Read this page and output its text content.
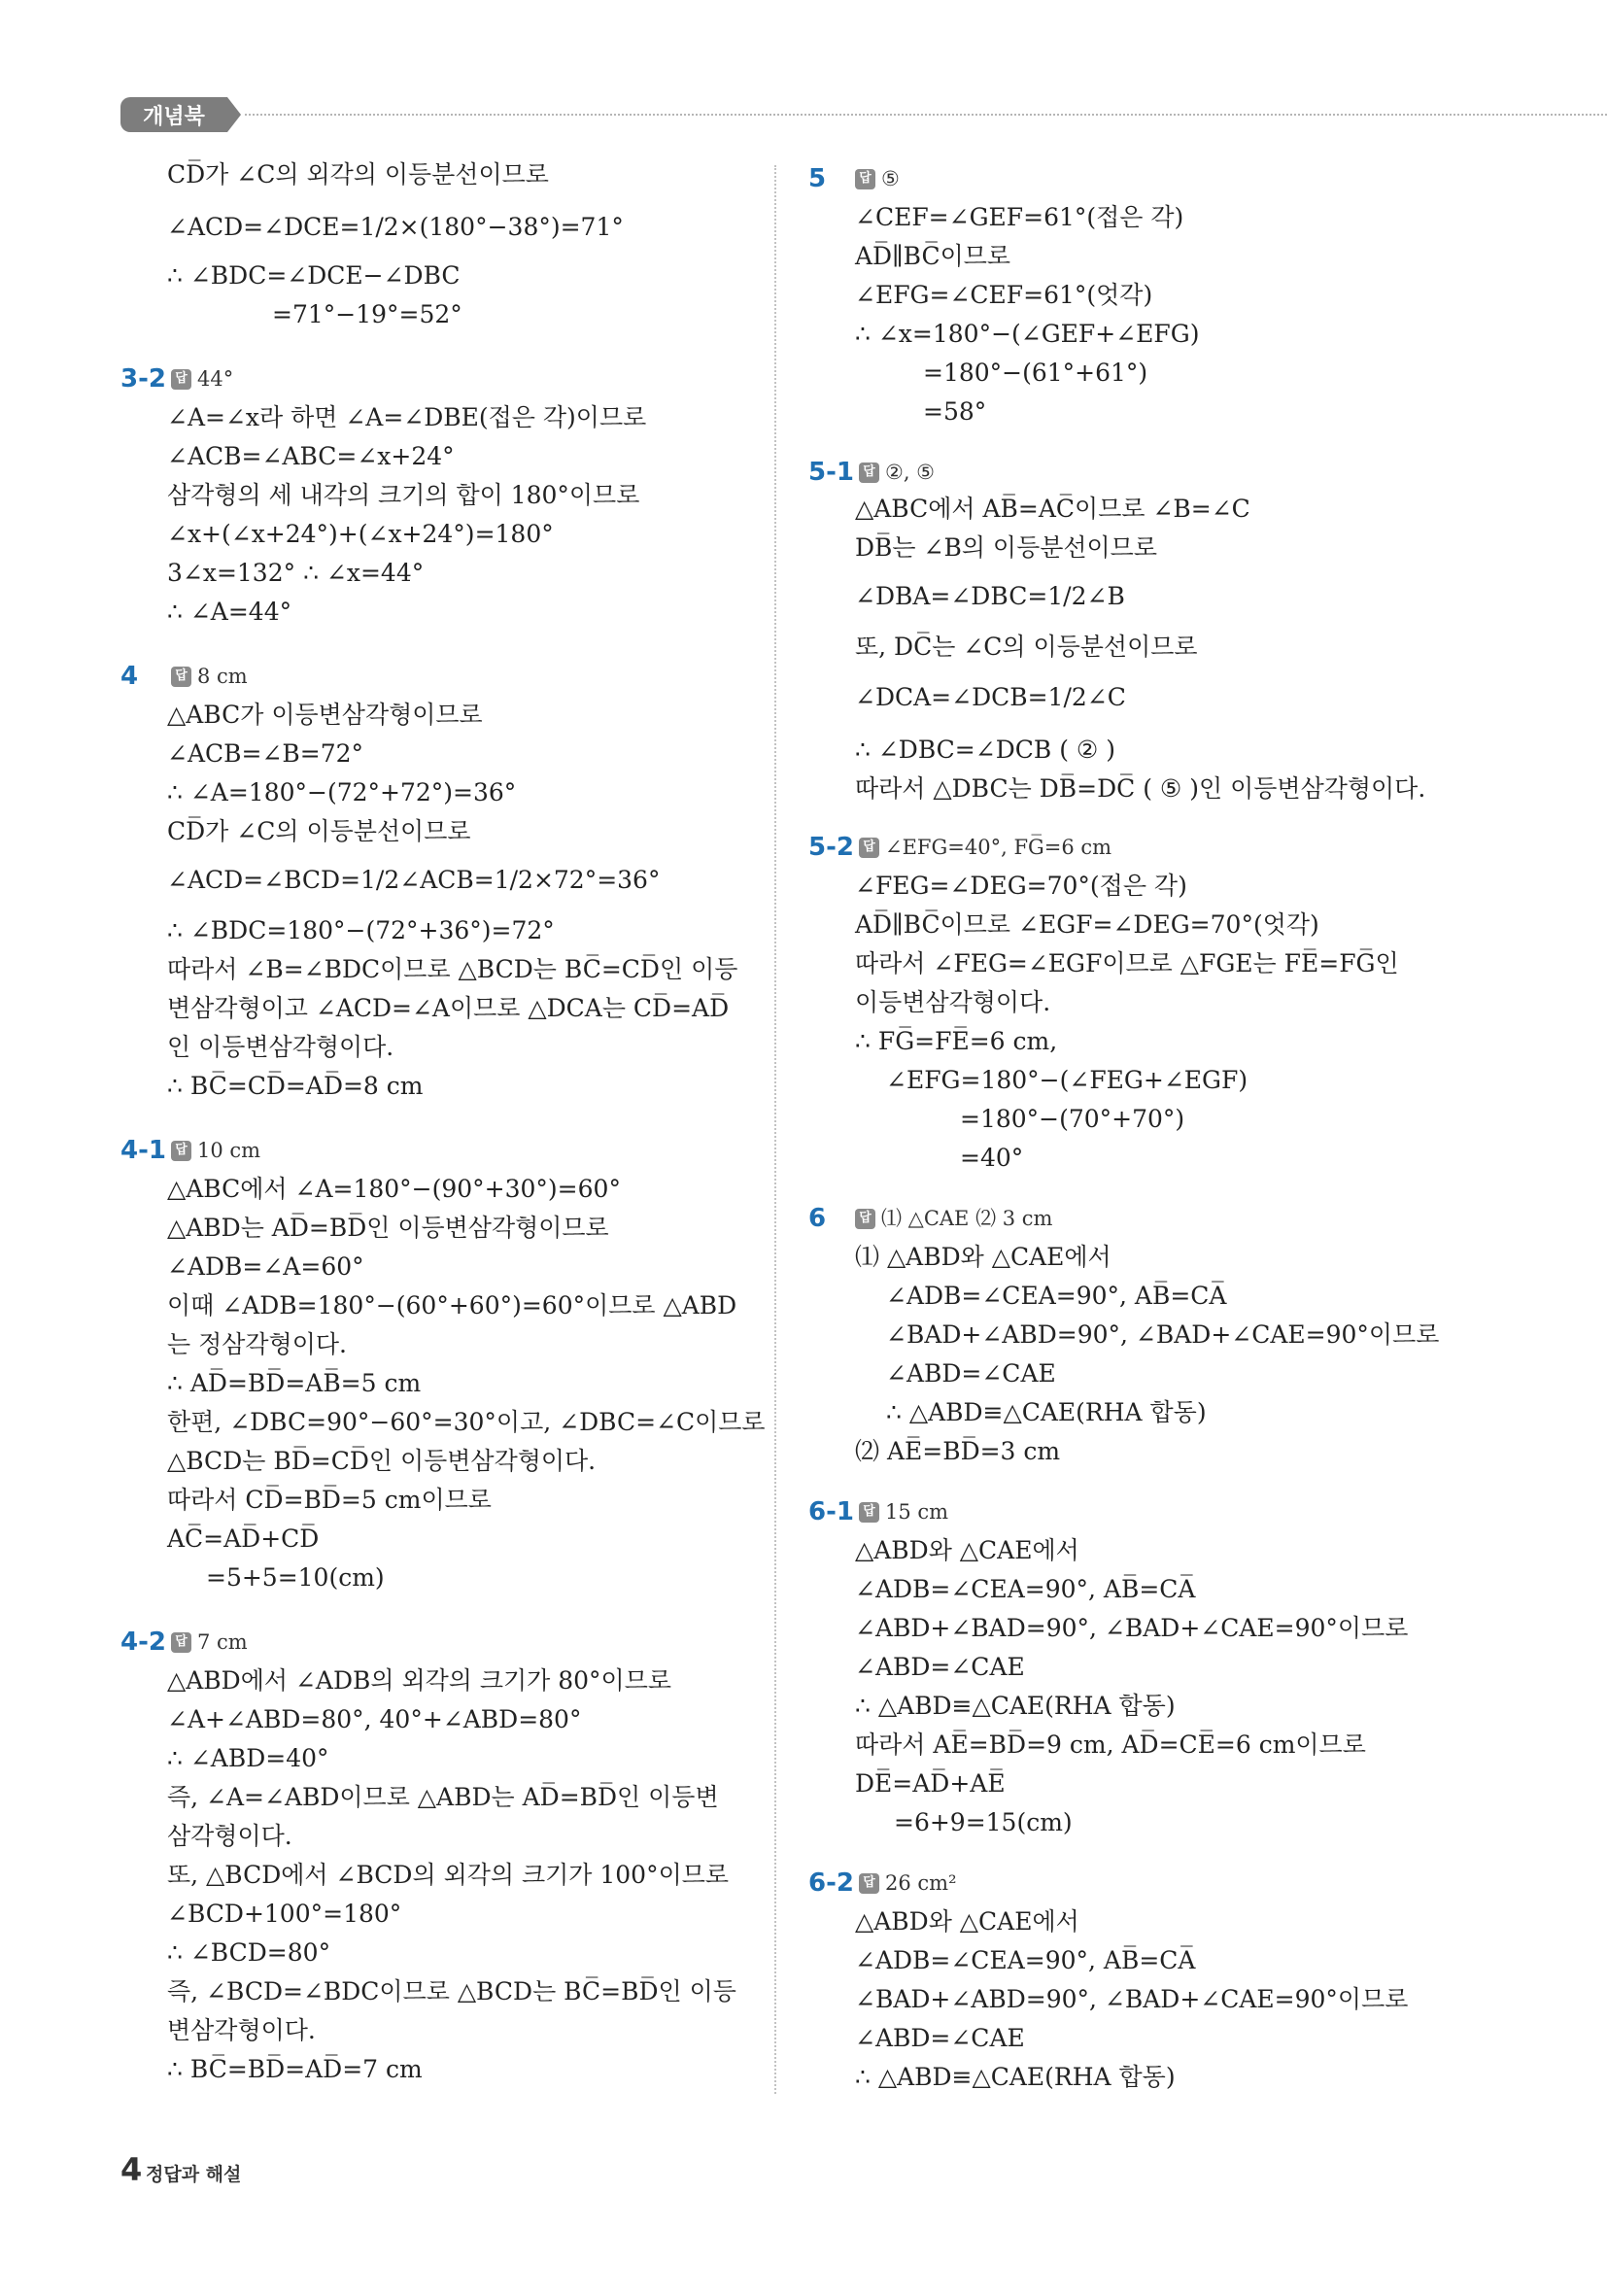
개념북
CD̅가 ∠C의 외각의 이등분선이므로
∠ACD=∠DCE=1/2×(180°−38°)=71°
∴ ∠BDC=∠DCE−∠DBC
=71°−19°=52°
3-2 답 44°
∠A=∠x라 하면 ∠A=∠DBE(접은 각)이므로
∠ACB=∠ABC=∠x+24°
삼각형의 세 내각의 크기의 합이 180°이므로
∠x+(∠x+24°)+(∠x+24°)=180°
3∠x=132° ∴ ∠x=44°
∴ ∠A=44°
4	답 8 cm
△ABC가 이등변삼각형이므로
∠ACB=∠B=72°
∴ ∠A=180°−(72°+72°)=36°
CD̅가 ∠C의 이등분선이므로
∠ACD=∠BCD=1/2∠ACB=1/2×72°=36°
∴ ∠BDC=180°−(72°+36°)=72°
따라서 ∠B=∠BDC이므로 △BCD는 BC̅=CD̅인 이등
변삼각형이고 ∠ACD=∠A이므로 △DCA는 CD̅=AD̅
인 이등변삼각형이다.
∴ BC̅=CD̅=AD̅=8 cm
4-1 답 10 cm
△ABC에서 ∠A=180°−(90°+30°)=60°
△ABD는 AD̅=BD̅인 이등변삼각형이므로
∠ADB=∠A=60°
이때 ∠ADB=180°−(60°+60°)=60°이므로 △ABD
는 정삼각형이다.
∴ AD̅=BD̅=AB̅=5 cm
한편, ∠DBC=90°−60°=30°이고, ∠DBC=∠C이므로
△BCD는 BD̅=CD̅인 이등변삼각형이다.
따라서 CD̅=BD̅=5 cm이므로
AC̅=AD̅+CD̅
=5+5=10(cm)
4-2 답 7 cm
△ABD에서 ∠ADB의 외각의 크기가 80°이므로
∠A+∠ABD=80°, 40°+∠ABD=80°
∴ ∠ABD=40°
즉, ∠A=∠ABD이므로 △ABD는 AD̅=BD̅인 이등변
삼각형이다.
또, △BCD에서 ∠BCD의 외각의 크기가 100°이므로
∠BCD+100°=180°
∴ ∠BCD=80°
즉, ∠BCD=∠BDC이므로 △BCD는 BC̅=BD̅인 이등
변삼각형이다.
∴ BC̅=BD̅=AD̅=7 cm
5	답 ⑤
∠CEF=∠GEF=61°(접은 각)
AD̅∥BC̅이므로
∠EFG=∠CEF=61°(엇각)
∴ ∠x=180°−(∠GEF+∠EFG)
=180°−(61°+61°)
=58°
5-1 답 ②, ⑤
△ABC에서 AB̅=AC̅이므로 ∠B=∠C
DB̅는 ∠B의 이등분선이므로
∠DBA=∠DBC=1/2∠B
또, DC̅는 ∠C의 이등분선이므로
∠DCA=∠DCB=1/2∠C
∴ ∠DBC=∠DCB ( ② )
따라서 △DBC는 DB̅=DC̅ ( ⑤ )인 이등변삼각형이다.
5-2 답 ∠EFG=40°, FG̅=6 cm
∠FEG=∠DEG=70°(접은 각)
AD̅∥BC̅이므로 ∠EGF=∠DEG=70°(엇각)
따라서 ∠FEG=∠EGF이므로 △FGE는 FE̅=FG̅인
이등변삼각형이다.
∴ FG̅=FE̅=6 cm,
∠EFG=180°−(∠FEG+∠EGF)
=180°−(70°+70°)
=40°
6	답 ⑴ △CAE ⑵ 3 cm
⑴ △ABD와 △CAE에서
∠ADB=∠CEA=90°, AB̅=CA̅
∠BAD+∠ABD=90°, ∠BAD+∠CAE=90°이므로
∠ABD=∠CAE
∴ △ABD≡△CAE(RHA 합동)
⑵ AE̅=BD̅=3 cm
6-1 답 15 cm
△ABD와 △CAE에서
∠ADB=∠CEA=90°, AB̅=CA̅
∠ABD+∠BAD=90°, ∠BAD+∠CAE=90°이므로
∠ABD=∠CAE
∴ △ABD≡△CAE(RHA 합동)
따라서 AE̅=BD̅=9 cm, AD̅=CE̅=6 cm이므로
DE̅=AD̅+AE̅
=6+9=15(cm)
6-2 답 26 cm²
△ABD와 △CAE에서
∠ADB=∠CEA=90°, AB̅=CA̅
∠BAD+∠ABD=90°, ∠BAD+∠CAE=90°이므로
∠ABD=∠CAE
∴ △ABD≡△CAE(RHA 합동)
4 정답과 해설
